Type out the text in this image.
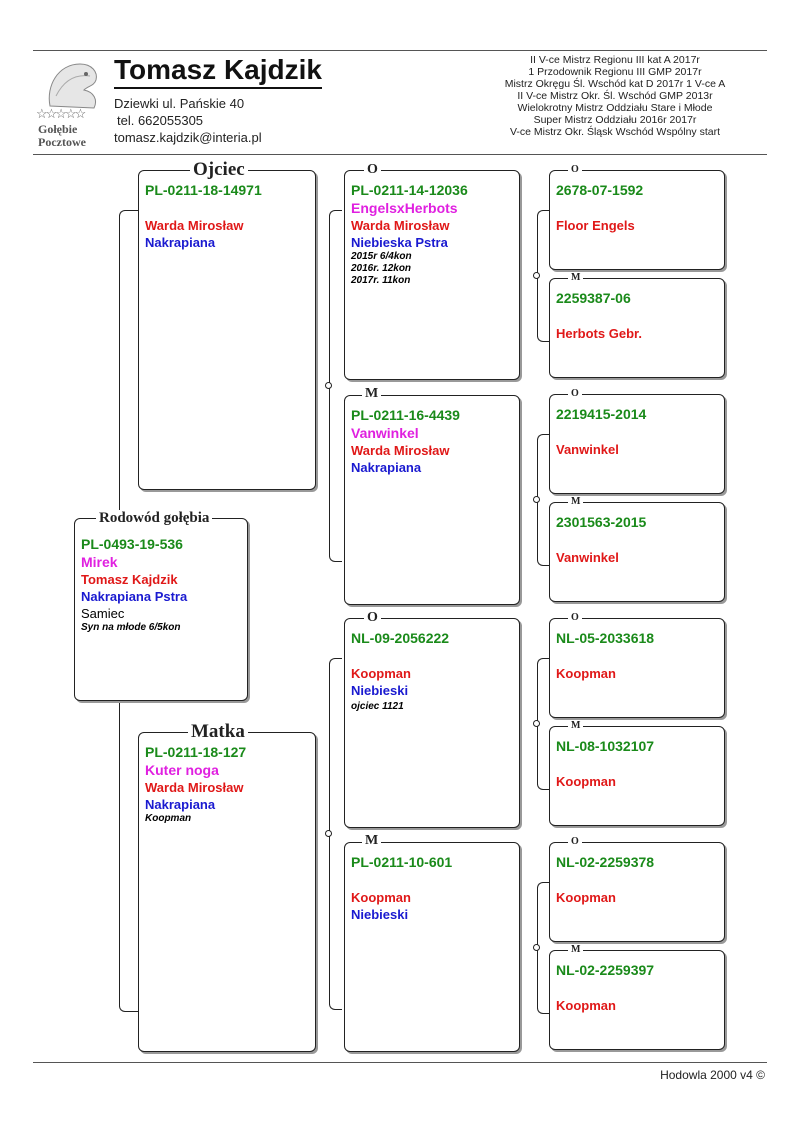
☆☆☆☆☆
Gołębie
Pocztowe
Tomasz Kajdzik
Dziewki ul. Pańskie 40
tel. 662055305
tomasz.kajdzik@interia.pl
II V-ce Mistrz Regionu III kat A 2017r
1 Przodownik Regionu III GMP 2017r
Mistrz Okręgu Śl. Wschód kat D 2017r 1 V-ce A
II V-ce Mistrz Okr. Śl. Wschód GMP 2013r
Wielokrotny Mistrz Oddziału Stare i Młode
Super Mistrz Oddziału 2016r 2017r
V-ce Mistrz Okr. Śląsk Wschód Wspólny start
PL-0493-19-536
Mirek
Tomasz Kajdzik
Nakrapiana Pstra
Samiec
Syn na młode 6/5kon
Rodowód gołębia
PL-0211-18-14971
Warda Mirosław
Nakrapiana
Ojciec
PL-0211-18-127
Kuter noga
Warda Mirosław
Nakrapiana
Koopman
Matka
PL-0211-14-12036
EngelsxHerbots
Warda Mirosław
Niebieska Pstra
2015r 6/4kon
2016r. 12kon
2017r. 11kon
O
PL-0211-16-4439
Vanwinkel
Warda Mirosław
Nakrapiana
M
NL-09-2056222
Koopman
Niebieski
ojciec 1121
O
PL-0211-10-601
Koopman
Niebieski
M
2678-07-1592
Floor Engels
O
2259387-06
Herbots Gebr.
M
2219415-2014
Vanwinkel
O
2301563-2015
Vanwinkel
M
NL-05-2033618
Koopman
O
NL-08-1032107
Koopman
M
NL-02-2259378
Koopman
O
NL-02-2259397
Koopman
M
Hodowla 2000 v4 ©
